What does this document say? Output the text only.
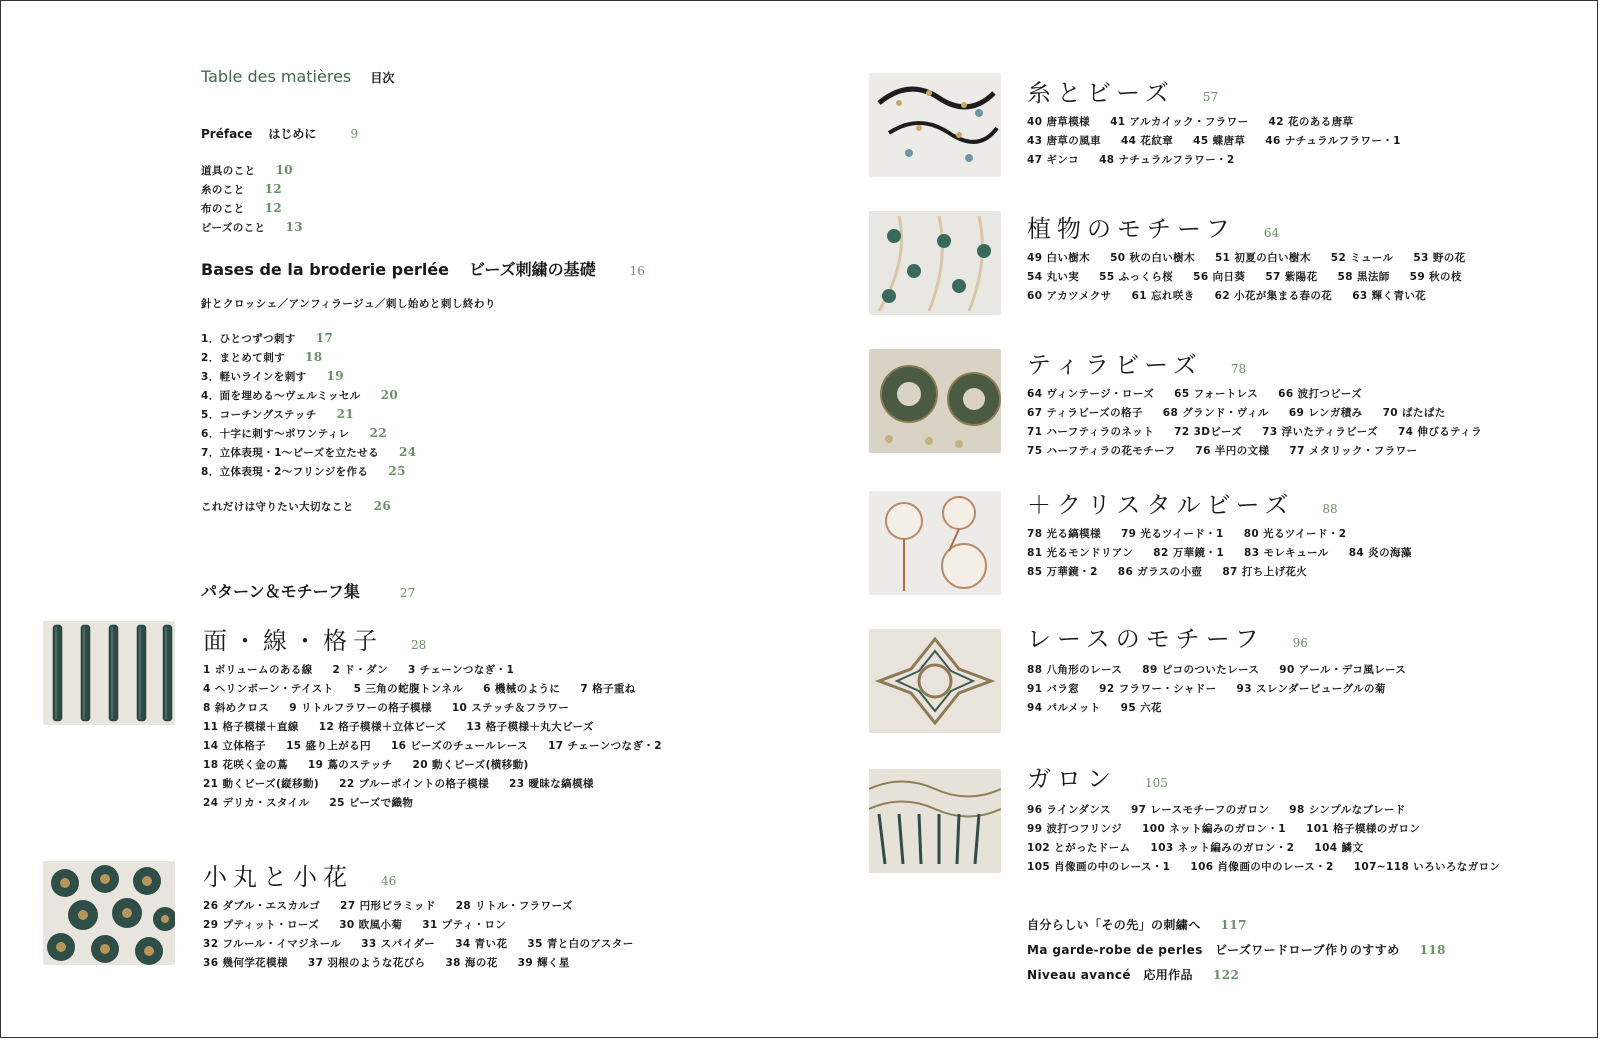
Table des matières 目次
Préface はじめに	9
道具のこと 10
糸のこと 12
布のこと 12
ビーズのこと 13
Bases de la broderie perlée ビーズ刺繍の基礎	16
針とクロッシェ／アンフィラージュ／刺し始めと刺し終わり
1．ひとつずつ刺す 17
2．まとめて刺す 18
3．軽いラインを刺す 19
4．面を埋める～ヴェルミッセル 20
5．コーチングステッチ 21
6．十字に刺す～ポワンティレ 22
7．立体表現・1～ビーズを立たせる 24
8．立体表現・2～フリンジを作る 25
これだけは守りたい大切なこと 26
パターン＆モチーフ集	27
面・線・格子 28
1 ボリュームのある線 2 ド・ダン 3 チェーンつなぎ・1
4 ヘリンボーン・テイスト 5 三角の蛇腹トンネル 6 機械のように 7 格子重ね
8 斜めクロス 9 リトルフラワーの格子模様 10 ステッチ＆フラワー
11 格子模様＋直線 12 格子模様＋立体ビーズ 13 格子模様＋丸大ビーズ
14 立体格子 15 盛り上がる円 16 ビーズのチュールレース 17 チェーンつなぎ・2
18 花咲く金の蔦 19 蔦のステッチ 20 動くビーズ(横移動)
21 動くビーズ(縦移動) 22 ブルーポイントの格子模様 23 曖昧な縞模様
24 デリカ・スタイル 25 ビーズで織物
小丸と小花 46
26 ダブル・エスカルゴ 27 円形ピラミッド 28 リトル・フラワーズ
29 プティット・ローズ 30 欧風小菊 31 プティ・ロン
32 フルール・イマジネール 33 スパイダー 34 青い花 35 青と白のアスター
36 幾何学花模様 37 羽根のような花びら 38 海の花 39 輝く星
糸とビーズ 57
40 唐草模様 41 アルカイック・フラワー 42 花のある唐草
43 唐草の風車 44 花紋章 45 蝶唐草 46 ナチュラルフラワー・1
47 ギンコ 48 ナチュラルフラワー・2
植物のモチーフ 64
49 白い樹木 50 秋の白い樹木 51 初夏の白い樹木 52 ミュール 53 野の花
54 丸い実 55 ふっくら桜 56 向日葵 57 紫陽花 58 黒法師 59 秋の枝
60 アカツメクサ 61 忘れ咲き 62 小花が集まる春の花 63 輝く青い花
ティラビーズ 78
64 ヴィンテージ・ローズ 65 フォートレス 66 波打つビーズ
67 ティラビーズの格子 68 グランド・ヴィル 69 レンガ積み 70 ぱたぱた
71 ハーフティラのネット 72 3Dビーズ 73 浮いたティラビーズ 74 伸びるティラ
75 ハーフティラの花モチーフ 76 半円の文様 77 メタリック・フラワー
＋クリスタルビーズ 88
78 光る縞模様 79 光るツイード・1 80 光るツイード・2
81 光るモンドリアン 82 万華鏡・1 83 モレキュール 84 炎の海藻
85 万華鏡・2 86 ガラスの小壺 87 打ち上げ花火
レースのモチーフ 96
88 八角形のレース 89 ピコのついたレース 90 アール・デコ風レース
91 バラ窓 92 フラワー・シャドー 93 スレンダービューグルの菊
94 パルメット 95 六花
ガロン 105
96 ラインダンス 97 レースモチーフのガロン 98 シンプルなブレード
99 波打つフリンジ 100 ネット編みのガロン・1 101 格子模様のガロン
102 とがったドーム 103 ネット編みのガロン・2 104 鱗文
105 肖像画の中のレース・1 106 肖像画の中のレース・2 107~118 いろいろなガロン
自分らしい「その先」の刺繍へ 117
Ma garde-robe de perles　ビーズワードローブ作りのすすめ 118
Niveau avancé　応用作品 122
